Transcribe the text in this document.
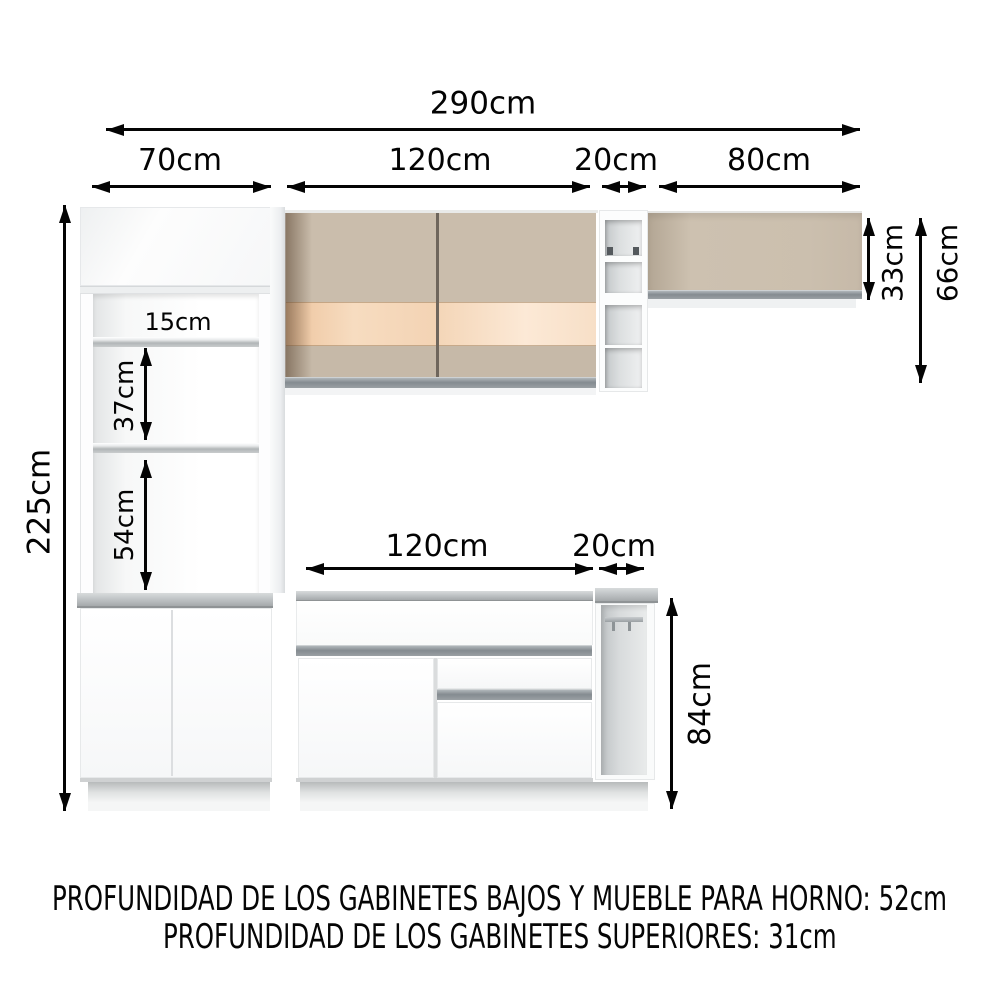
290cm
70cm	120cm	20cm 80cm
225cm
15cm
37cm
54cm
33cm 66cm
120cm	20cm
84cm
PROFUNDIDAD DE LOS GABINETES BAJOS Y MUEBLE PARA HORNO: 52cm
PROFUNDIDAD DE LOS GABINETES SUPERIORES: 31cm
